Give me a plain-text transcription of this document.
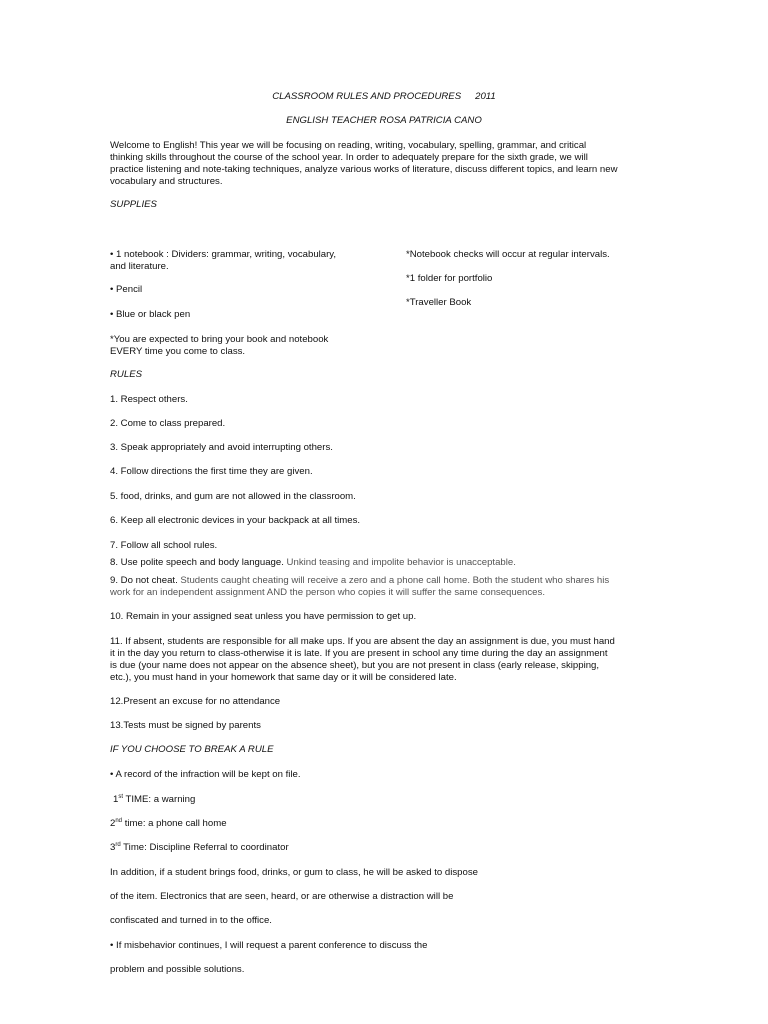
CLASSROOM RULES AND PROCEDURES 2011
ENGLISH TEACHER ROSA PATRICIA CANO
Welcome to English! This year we will be focusing on reading, writing, vocabulary, spelling, grammar, and critical
thinking skills throughout the course of the school year. In order to adequately prepare for the sixth grade, we will
practice listening and note-taking techniques, analyze various works of literature, discuss different topics, and learn new
vocabulary and structures.
SUPPLIES
• 1 notebook : Dividers: grammar, writing, vocabulary,
and literature.
• Pencil
• Blue or black pen
*You are expected to bring your book and notebook
EVERY time you come to class.
*Notebook checks will occur at regular intervals.
*1 folder for portfolio
*Traveller Book
RULES
1. Respect others.
2. Come to class prepared.
3. Speak appropriately and avoid interrupting others.
4. Follow directions the first time they are given.
5. food, drinks, and gum are not allowed in the classroom.
6. Keep all electronic devices in your backpack at all times.
7. Follow all school rules.
8. Use polite speech and body language. Unkind teasing and impolite behavior is unacceptable.
9. Do not cheat. Students caught cheating will receive a zero and a phone call home. Both the student who shares his
work for an independent assignment AND the person who copies it will suffer the same consequences.
10. Remain in your assigned seat unless you have permission to get up.
11. If absent, students are responsible for all make ups. If you are absent the day an assignment is due, you must hand
it in the day you return to class-otherwise it is late. If you are present in school any time during the day an assignment
is due (your name does not appear on the absence sheet), but you are not present in class (early release, skipping,
etc.), you must hand in your homework that same day or it will be considered late.
12.Present an excuse for no attendance
13.Tests must be signed by parents
IF YOU CHOOSE TO BREAK A RULE
• A record of the infraction will be kept on file.
1st TIME: a warning
2nd time: a phone call home
3rd Time: Discipline Referral to coordinator
In addition, if a student brings food, drinks, or gum to class, he will be asked to dispose
of the item. Electronics that are seen, heard, or are otherwise a distraction will be
confiscated and turned in to the office.
• If misbehavior continues, I will request a parent conference to discuss the
problem and possible solutions.
